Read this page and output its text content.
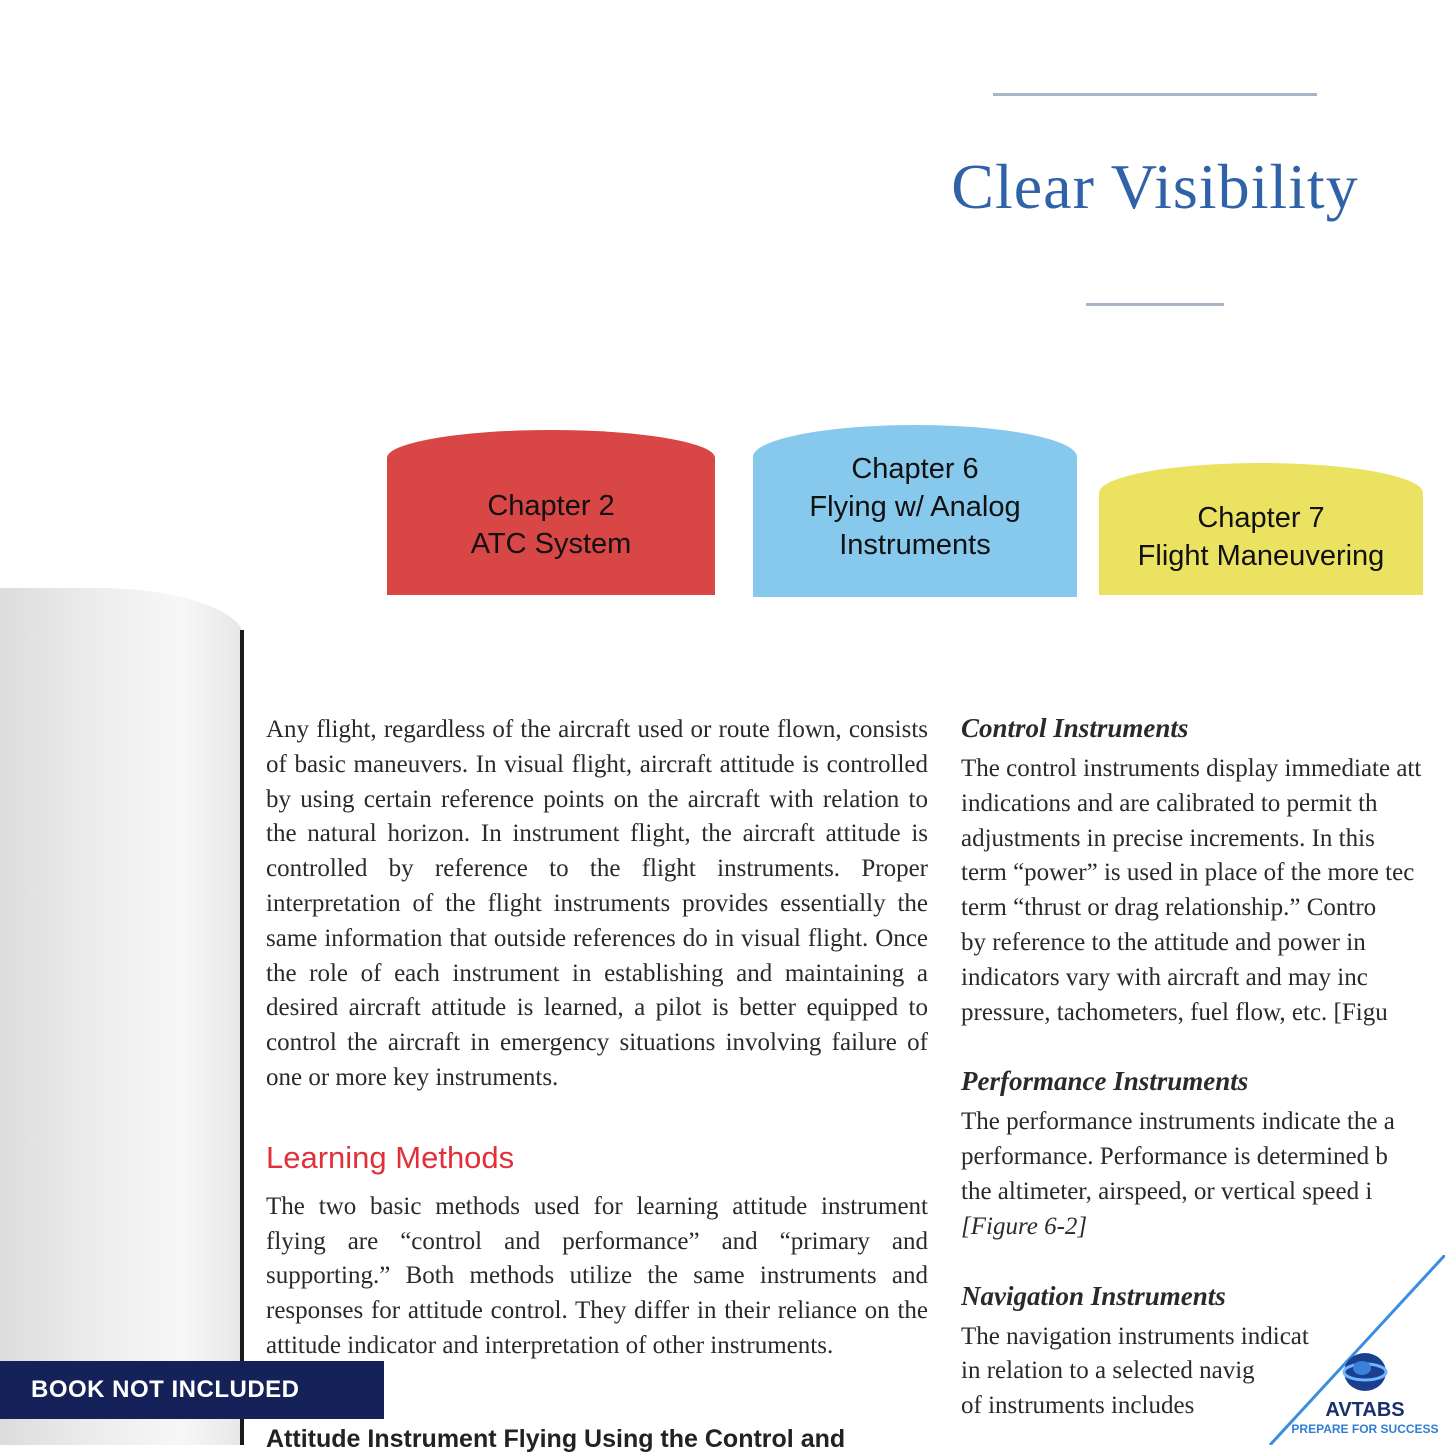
Clear Visibility
Chapter 2
ATC System
Chapter 6
Flying w/ Analog
Instruments
Chapter 7
Flight Maneuvering

Any flight, regardless of the aircraft used or route flown, consists of basic maneuvers. In visual flight, aircraft attitude is controlled by using certain reference points on the aircraft with relation to the natural horizon. In instrument flight, the aircraft attitude is controlled by reference to the flight instruments. Proper interpretation of the flight instruments provides essentially the same information that outside references do in visual flight. Once the role of each instrument in establishing and maintaining a desired aircraft attitude is learned, a pilot is better equipped to control the aircraft in emergency situations involving failure of one or more key instruments.

Learning Methods

The two basic methods used for learning attitude instrument flying are “control and performance” and “primary and supporting.” Both methods utilize the same instruments and responses for attitude control. They differ in their reliance on the attitude indicator and interpretation of other instruments.

Attitude Instrument Flying Using the Control and
Control Instruments
The control instruments display immediate att
indications and are calibrated to permit th
adjustments in precise increments. In this
term “power” is used in place of the more tec
term “thrust or drag relationship.” Contro
by reference to the attitude and power in
indicators vary with aircraft and may inc
pressure, tachometers, fuel flow, etc. [Figu
Performance Instruments
The performance instruments indicate the a
performance. Performance is determined b
the altimeter, airspeed, or vertical speed i
[Figure 6-2]
Navigation Instruments
The navigation instruments indicat
in relation to a selected navig
of instruments includes	AVTABS
PREPARE FOR SUCCESS
BOOK NOT INCLUDED
